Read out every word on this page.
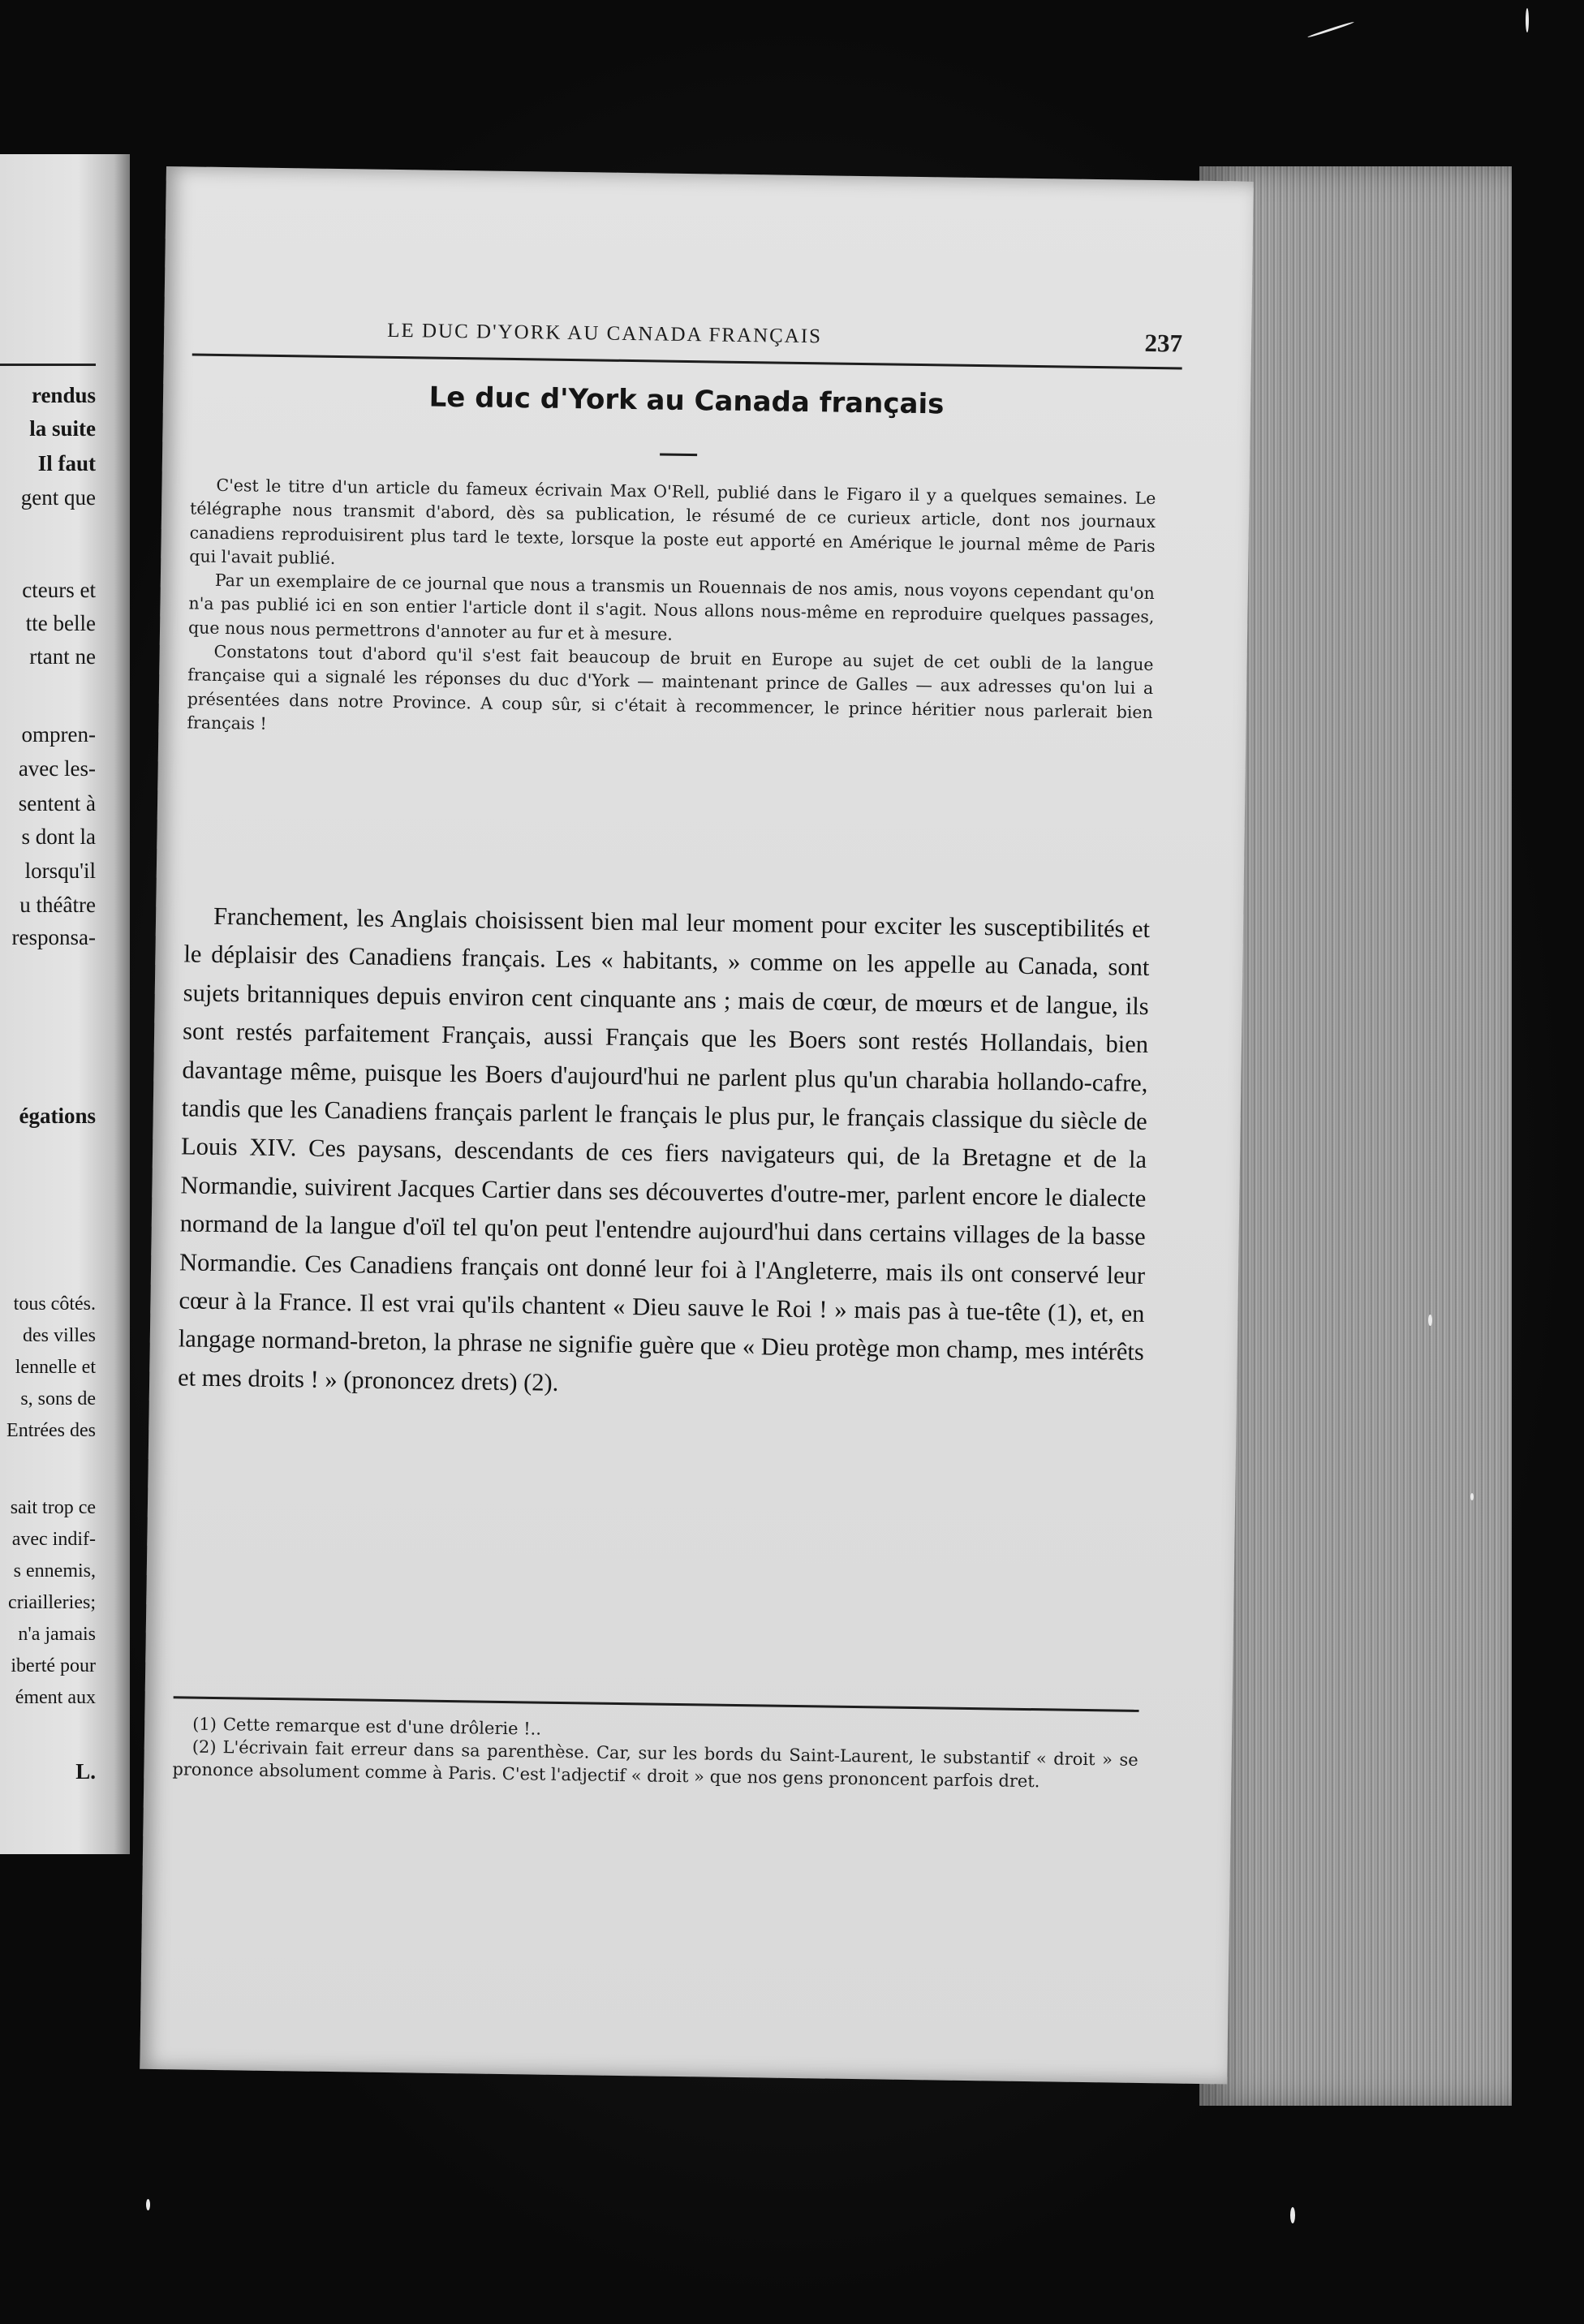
rendus
la suite
Il faut
gent que
cteurs et
tte belle
rtant ne
ompren-
avec les-
sentent à
s dont la
lorsqu'il
u théâtre
responsa-
égations
tous côtés.
des villes
lennelle et
s, sons de
Entrées des
sait trop ce
avec indif-
s ennemis,
criailleries;
n'a jamais
iberté pour
ément aux
L.
LE DUC D'YORK AU CANADA FRANÇAIS	237
Le duc d'York au Canada français

C'est le titre d'un article du fameux écrivain Max O'Rell, publié dans le Figaro il y a quelques semaines. Le télégraphe nous transmit d'abord, dès sa publication, le résumé de ce curieux article, dont nos journaux canadiens reproduisirent plus tard le texte, lorsque la poste eut apporté en Amérique le journal même de Paris qui l'avait publié.

Par un exemplaire de ce journal que nous a transmis un Rouennais de nos amis, nous voyons cependant qu'on n'a pas publié ici en son entier l'article dont il s'agit. Nous allons nous-même en reproduire quelques passages, que nous nous permettrons d'annoter au fur et à mesure.

Constatons tout d'abord qu'il s'est fait beaucoup de bruit en Europe au sujet de cet oubli de la langue française qui a signalé les réponses du duc d'York — maintenant prince de Galles — aux adresses qu'on lui a présentées dans notre Province. A coup sûr, si c'était à recommencer, le prince héritier nous parlerait bien français !

Franchement, les Anglais choisissent bien mal leur moment pour exciter les susceptibilités et le déplaisir des Canadiens français. Les « habitants, » comme on les appelle au Canada, sont sujets britanniques depuis environ cent cinquante ans ; mais de cœur, de mœurs et de langue, ils sont restés parfaitement Français, aussi Français que les Boers sont restés Hollandais, bien davantage même, puisque les Boers d'aujourd'hui ne parlent plus qu'un charabia hollando-cafre, tandis que les Canadiens français parlent le français le plus pur, le français classique du siècle de Louis XIV. Ces paysans, descendants de ces fiers navigateurs qui, de la Bretagne et de la Normandie, suivirent Jacques Cartier dans ses découvertes d'outre-mer, parlent encore le dialecte normand de la langue d'oïl tel qu'on peut l'entendre aujourd'hui dans certains villages de la basse Normandie. Ces Canadiens français ont donné leur foi à l'Angleterre, mais ils ont conservé leur cœur à la France. Il est vrai qu'ils chantent « Dieu sauve le Roi ! » mais pas à tue-tête (1), et, en langage normand-breton, la phrase ne signifie guère que « Dieu protège mon champ, mes intérêts et mes droits ! » (prononcez drets) (2).

(1) Cette remarque est d'une drôlerie !..

(2) L'écrivain fait erreur dans sa parenthèse. Car, sur les bords du Saint-Laurent, le substantif « droit » se prononce absolument comme à Paris. C'est l'adjectif « droit » que nos gens prononcent parfois dret.
